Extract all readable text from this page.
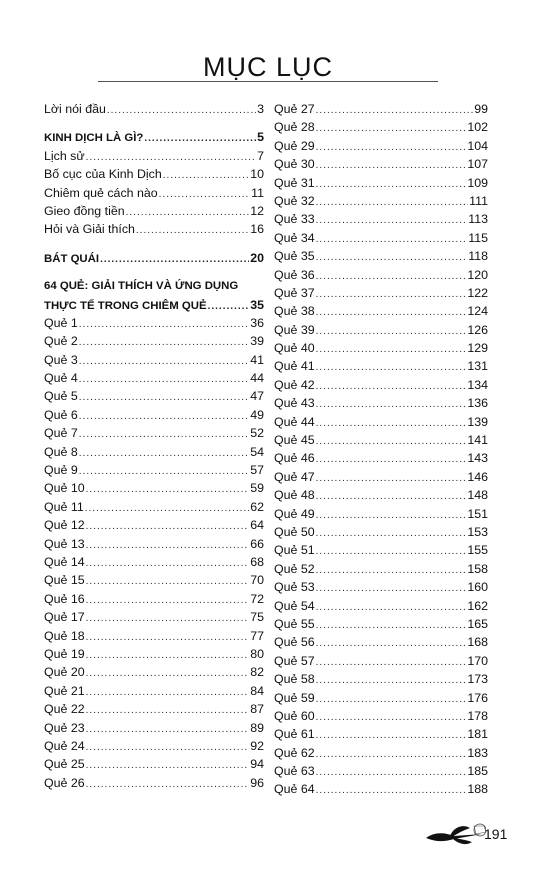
MỤC LỤC
Lời nói đầu .....	3
KINH DỊCH LÀ GÌ? .....	5
Lịch sử .....	7
Bố cục của Kinh Dịch .....	10
Chiêm quẻ cách nào .....	11
Gieo đồng tiền .....	12
Hỏi và Giải thích .....	16
BÁT QUÁI .....	20
64 QUẺ: GIẢI THÍCH VÀ ỨNG DỤNG
THỰC TẾ TRONG CHIÊM QUẺ .....	35
Quẻ 1 .....	36
Quẻ 2 .....	39
Quẻ 3 .....	41
Quẻ 4 .....	44
Quẻ 5 .....	47
Quẻ 6 .....	49
Quẻ 7 .....	52
Quẻ 8 .....	54
Quẻ 9 .....	57
Quẻ 10 .....	59
Quẻ 11 .....	62
Quẻ 12 .....	64
Quẻ 13 .....	66
Quẻ 14 .....	68
Quẻ 15 .....	70
Quẻ 16 .....	72
Quẻ 17 .....	75
Quẻ 18 .....	77
Quẻ 19 .....	80
Quẻ 20 .....	82
Quẻ 21 .....	84
Quẻ 22 .....	87
Quẻ 23 .....	89
Quẻ 24 .....	92
Quẻ 25 .....	94
Quẻ 26 .....	96
Quẻ 27 .....	99
Quẻ 28 .....	102
Quẻ 29 .....	104
Quẻ 30 .....	107
Quẻ 31 .....	109
Quẻ 32 .....	111
Quẻ 33 .....	113
Quẻ 34 .....	115
Quẻ 35 .....	118
Quẻ 36 .....	120
Quẻ 37 .....	122
Quẻ 38 .....	124
Quẻ 39 .....	126
Quẻ 40 .....	129
Quẻ 41 .....	131
Quẻ 42 .....	134
Quẻ 43 .....	136
Quẻ 44 .....	139
Quẻ 45 .....	141
Quẻ 46 .....	143
Quẻ 47 .....	146
Quẻ 48 .....	148
Quẻ 49 .....	151
Quẻ 50 .....	153
Quẻ 51 .....	155
Quẻ 52 .....	158
Quẻ 53 .....	160
Quẻ 54 .....	162
Quẻ 55 .....	165
Quẻ 56 .....	168
Quẻ 57 .....	170
Quẻ 58 .....	173
Quẻ 59 .....	176
Quẻ 60 .....	178
Quẻ 61 .....	181
Quẻ 62 .....	183
Quẻ 63 .....	185
Quẻ 64 .....	188
191
